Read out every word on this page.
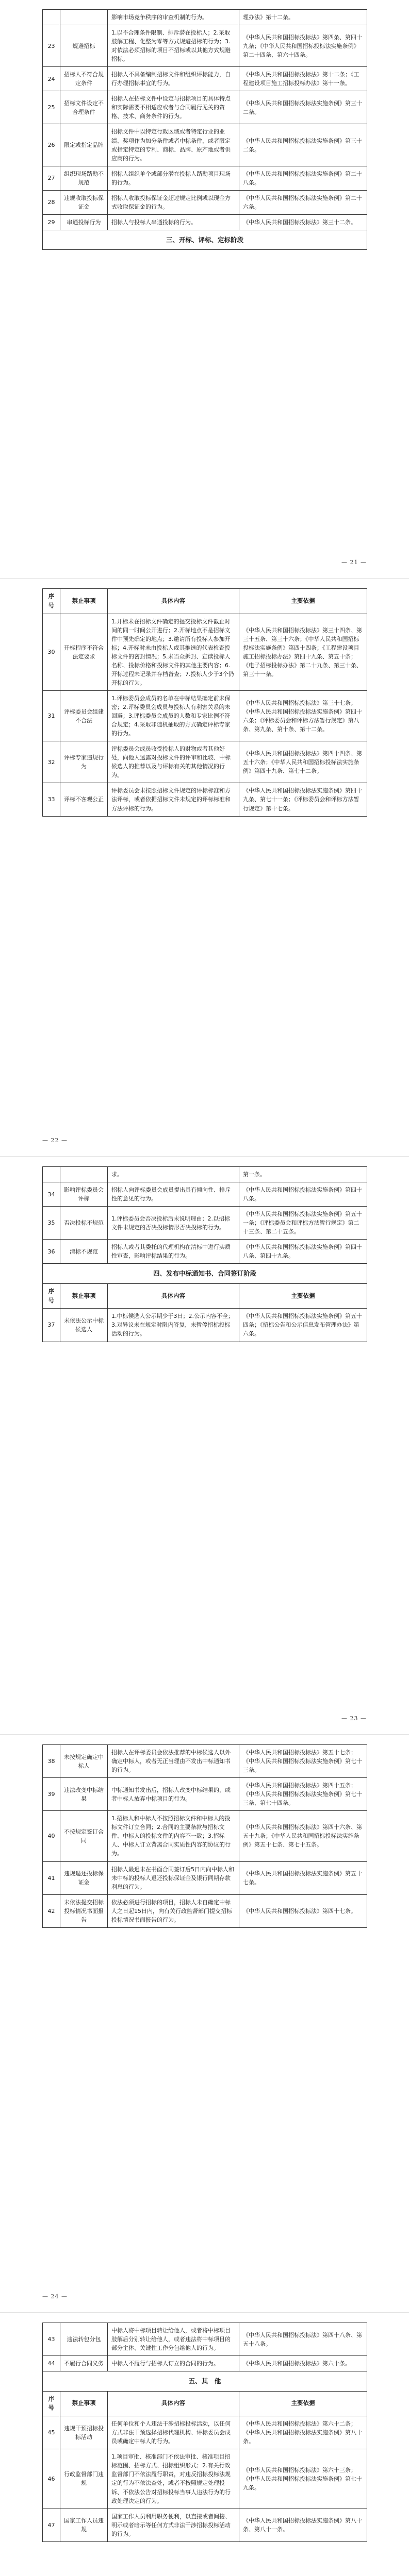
		影响市场竞争秩序的审查机制的行为。	理办法》第十二条。
23	规避招标	1.以不合理条件限制、排斥潜在投标人；2.采取肢解工程、化整为零等方式规避招标的行为；3.对依法必须招标的项目不招标或以其他方式规避招标。	《中华人民共和国招标投标法》第四条、第四十九条；《中华人民共和国招标投标法实施条例》第二十四条、第六十四条。
24	招标人不符合规定条件	招标人不具备编制招标文件和组织评标能力，自行办理招标事宜的行为。	《中华人民共和国招标投标法》第十二条；《工程建设项目施工招标投标办法》第十一条。
25	招标文件设定不合理条件	招标人在招标文件中设定与招标项目的具体特点和实际需要不相适应或者与合同履行无关的资格、技术、商务条件的行为。	《中华人民共和国招标投标法实施条例》第三十二条。
26	限定或指定品牌	招标文件中以特定行政区域或者特定行业的业绩、奖项作为加分条件或者中标条件，或者限定或指定特定的专利、商标、品牌、原产地或者供应商的行为。	《中华人民共和国招标投标法实施条例》第三十二条。
27	组织现场踏勘不规范	招标人组织单个或部分潜在投标人踏勘项目现场的行为。	《中华人民共和国招标投标法实施条例》第二十八条。
28	违规收取投标保证金	招标人收取投标保证金超过规定比例或以现金方式收取保证金的行为。	《中华人民共和国招标投标法实施条例》第二十六条。
29	串通投标行为	招标人与投标人串通投标的行为。	《中华人民共和国招标投标法》第三十二条。
三、开标、评标、定标阶段			
— 21 —
序号	禁止事项	具体内容	主要依据
30	开标程序不符合法定要求	1.开标未在招标文件确定的提交投标文件截止时间的同一时间公开进行；2.开标地点不是招标文件中预先确定的地点；3.邀请所有投标人参加开标；4.开标时未由投标人或其推选的代表检查投标文件的密封情况；5.未当众拆封、宣读投标人名称、投标价格和投标文件的其他主要内容；6.开标过程未记录并存档备查；7.投标人少于3个仍开标的行为。	《中华人民共和国招标投标法》第三十四条、第三十五条、第三十六条；《中华人民共和国招标投标法实施条例》第四十四条；《工程建设项目施工招标投标办法》第四十九条、第五十条；《电子招标投标办法》第二十九条、第三十条、第三十一条。
31	评标委员会组建不合法	1.评标委员会成员的名单在中标结果确定前未保密；2.评标委员会成员与投标人有利害关系的未回避；3.评标委员会成员的人数和专家比例不符合规定；4.采取非随机抽取的方式确定评标专家的行为。	《中华人民共和国招标投标法》第三十七条；《中华人民共和国招标投标法实施条例》第四十六条；《评标委员会和评标方法暂行规定》第八条、第九条、第十条、第十二条。
32	评标专家违规行为	评标委员会成员收受投标人的财物或者其他好处，向他人透露对投标文件的评审和比较、中标候选人的推荐以及与评标有关的其他情况的行为。	《中华人民共和国招标投标法》第四十四条、第五十六条；《中华人民共和国招标投标法实施条例》第四十九条、第七十二条。
33	评标不客观公正	评标委员会未按照招标文件规定的评标标准和方法评标，或者依据招标文件未规定的评标标准和方法评标的行为。	《中华人民共和国招标投标法实施条例》第四十九条、第七十一条；《评标委员会和评标方法暂行规定》第十七条。
— 22 —
		求。	第一条。
34	影响评标委员会评标	招标人向评标委员会成员提出具有倾向性、排斥性的意见的行为。	《中华人民共和国招标投标法实施条例》第四十八条。
35	否决投标不规范	1.评标委员会否决投标后未说明理由；2.以招标文件未规定的否决投标情形否决投标的行为。	《中华人民共和国招标投标法实施条例》第五十一条；《评标委员会和评标方法暂行规定》第二十三条、第二十五条。
36	清标不规范	招标人或者其委托的代理机构在清标中进行实质性审查，影响评标结果的行为。	《中华人民共和国招标投标法实施条例》第四十八条、第四十九条。
四、发布中标通知书、合同签订阶段			
序号	禁止事项	具体内容	主要依据
37	未依法公示中标候选人	1.中标候选人公示期少于3日；2.公示内容不全；3.对异议未在规定时限内答复，未暂停招标投标活动的行为。	《中华人民共和国招标投标法实施条例》第五十四条；《招标公告和公示信息发布管理办法》第六条。
— 23 —
38	未按规定确定中标人	招标人在评标委员会依法推荐的中标候选人以外确定中标人，或者无正当理由不发出中标通知书的行为。	《中华人民共和国招标投标法》第五十七条；《中华人民共和国招标投标法实施条例》第七十三条。
39	违法改变中标结果	中标通知书发出后，招标人改变中标结果的，或者中标人放弃中标项目的行为。	《中华人民共和国招标投标法》第四十五条；《中华人民共和国招标投标法实施条例》第七十三条、第七十四条。
40	不按规定签订合同	1.招标人和中标人不按照招标文件和中标人的投标文件订立合同；2.合同的主要条款与招标文件、中标人的投标文件的内容不一致；3.招标人、中标人订立背离合同实质性内容的协议的行为。	《中华人民共和国招标投标法》第四十六条、第五十九条；《中华人民共和国招标投标法实施条例》第五十七条、第七十五条。
41	违规退还投标保证金	招标人最迟未在书面合同签订后5日内向中标人和未中标的投标人退还投标保证金及银行同期存款利息的行为。	《中华人民共和国招标投标法实施条例》第五十七条。
42	未依法提交招标投标情况书面报告	依法必须进行招标的项目，招标人未自确定中标人之日起15日内，向有关行政监督部门提交招标投标情况书面报告的行为。	《中华人民共和国招标投标法》第四十七条。
— 24 —
43	违法转包分包	中标人将中标项目转让给他人，或者将中标项目肢解后分别转让给他人，或者违法将中标项目的部分主体、关键性工作分包给他人的行为。	《中华人民共和国招标投标法》第四十八条、第五十八条。
44	不履行合同义务	中标人不履行与招标人订立的合同的行为。	《中华人民共和国招标投标法》第六十条。
五、其　他			
序号	禁止事项	具体内容	主要依据
45	违规干预招标投标活动	任何单位和个人违法干涉招标投标活动，以任何方式非法干预选择招标代理机构、评标委员会成员或确定中标人的行为。	《中华人民共和国招标投标法》第六十二条；《中华人民共和国招标投标法实施条例》第八十条。
46	行政监督部门违规	1.项目审批、核准部门不依法审批、核准项目招标范围、招标方式、招标组织形式；2.有关行政监督部门不依法履行职责，对违反招标投标法规定的行为不依法查处，或者不按照规定处理投诉、不依法公告对招标投标当事人违法行为的行政处理决定的行为。	《中华人民共和国招标投标法》第六十三条；《中华人民共和国招标投标法实施条例》第七十九条。
47	国家工作人员违规	国家工作人员利用职务便利，以直接或者间接、明示或者暗示等任何方式非法干涉招标投标活动的行为。	《中华人民共和国招标投标法实施条例》第八十条、第八十一条。
